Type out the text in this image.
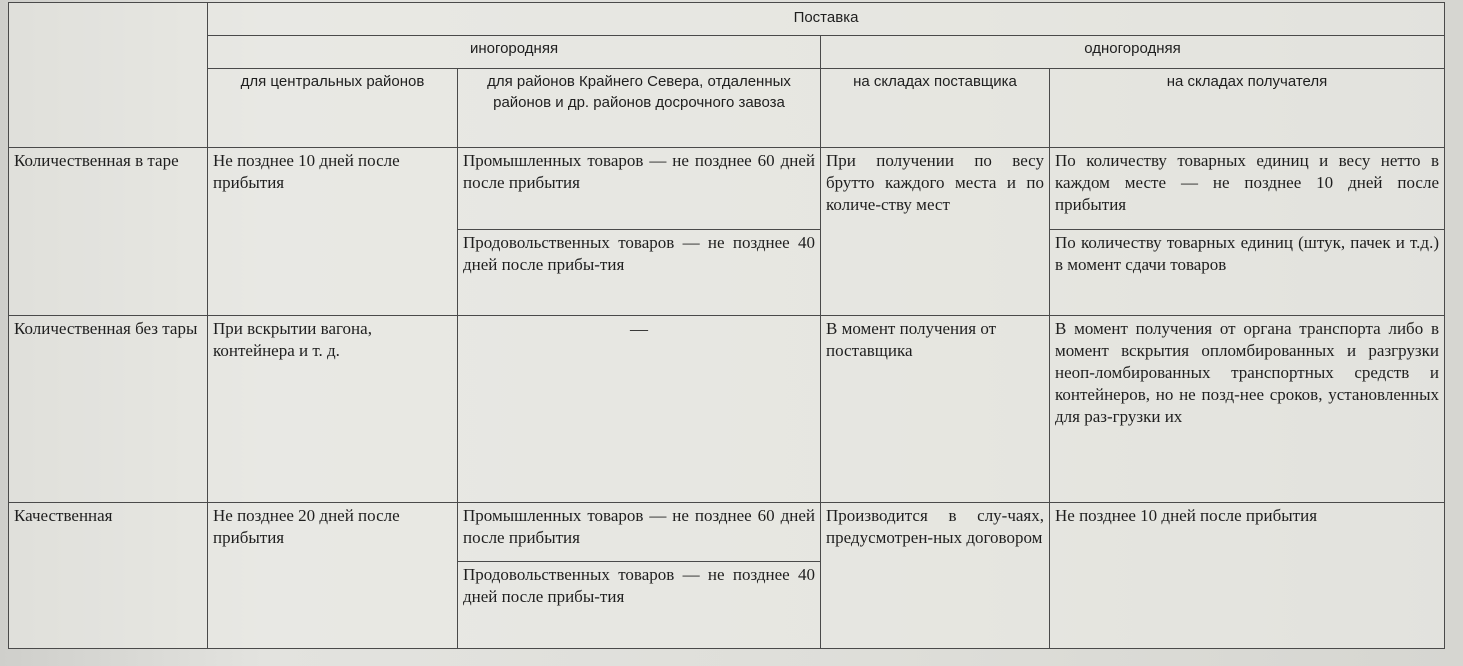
	Поставка			
	иногородняя		одногородняя	
	для центральных районов	для районов Крайнего Севера, отдаленных районов и др. районов досрочного завоза	на складах поставщика	на складах получателя
Количественная в таре	Не позднее 10 дней после прибытия	Промышленных товаров — не позднее 60 дней после прибытия	При получении по весу брутто каждого места и по количе-ству мест	По количеству товарных единиц и весу нетто в каждом месте — не позднее 10 дней после прибытия
		Продовольственных товаров — не позднее 40 дней после прибы-тия		По количеству товарных единиц (штук, пачек и т.д.) в момент сдачи товаров
Количественная без тары	При вскрытии вагона, контейнера и т. д.	—	В момент получения от поставщика	В момент получения от органа транспорта либо в момент вскрытия опломбированных и разгрузки неоп-ломбированных транспортных средств и контейнеров, но не позд-нее сроков, установленных для раз-грузки их
Качественная	Не позднее 20 дней после прибытия	Промышленных товаров — не позднее 60 дней после прибытия	Производится в слу-чаях, предусмотрен-ных договором	Не позднее 10 дней после прибытия
		Продовольственных товаров — не позднее 40 дней после прибы-тия		
